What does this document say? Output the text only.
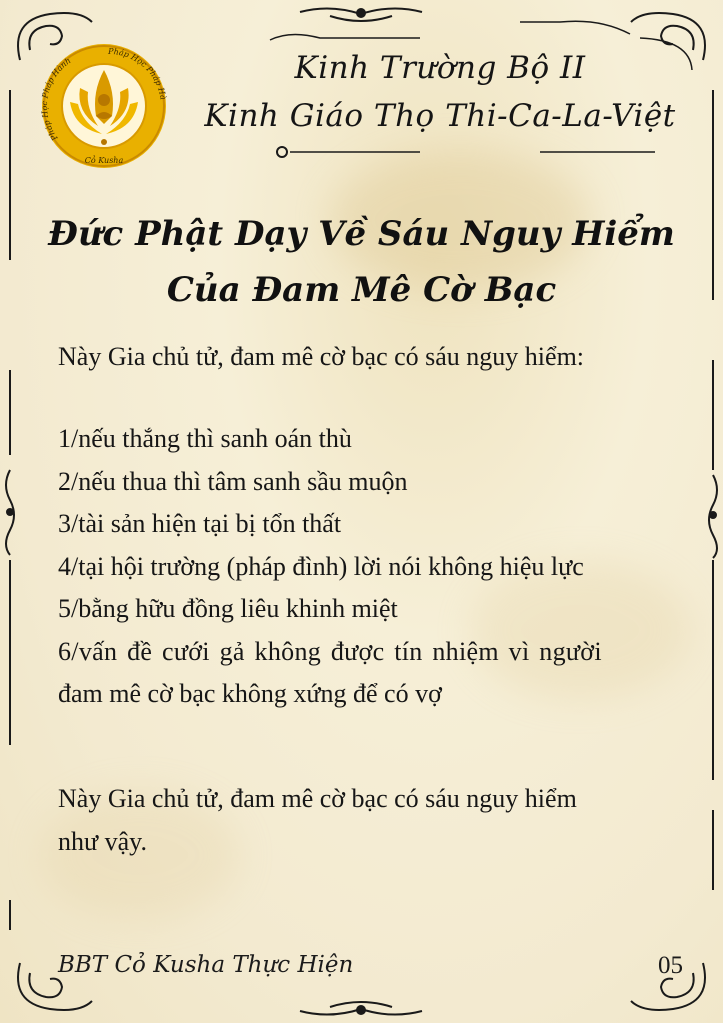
Pháp Học Pháp Hành
Pháp Học Pháp Hà
Cỏ Kusha
Kinh Trường Bộ II
Kinh Giáo Thọ Thi-Ca-La-Việt
Đức Phật Dạy Về Sáu Nguy Hiểm
Của Đam Mê Cờ Bạc

Này Gia chủ tử, đam mê cờ bạc có sáu nguy hiểm:

1/nếu thắng thì sanh oán thù

2/nếu thua thì tâm sanh sầu muộn

3/tài sản hiện tại bị tổn thất

4/tại hội trường (pháp đình) lời nói không hiệu lực

5/bằng hữu đồng liêu khinh miệt

6/vấn đề cưới gả không được tín nhiệm vì người

đam mê cờ bạc không xứng để có vợ

Này Gia chủ tử, đam mê cờ bạc có sáu nguy hiểm

như vậy.

BBT Cỏ Kusha Thực Hiện	05
